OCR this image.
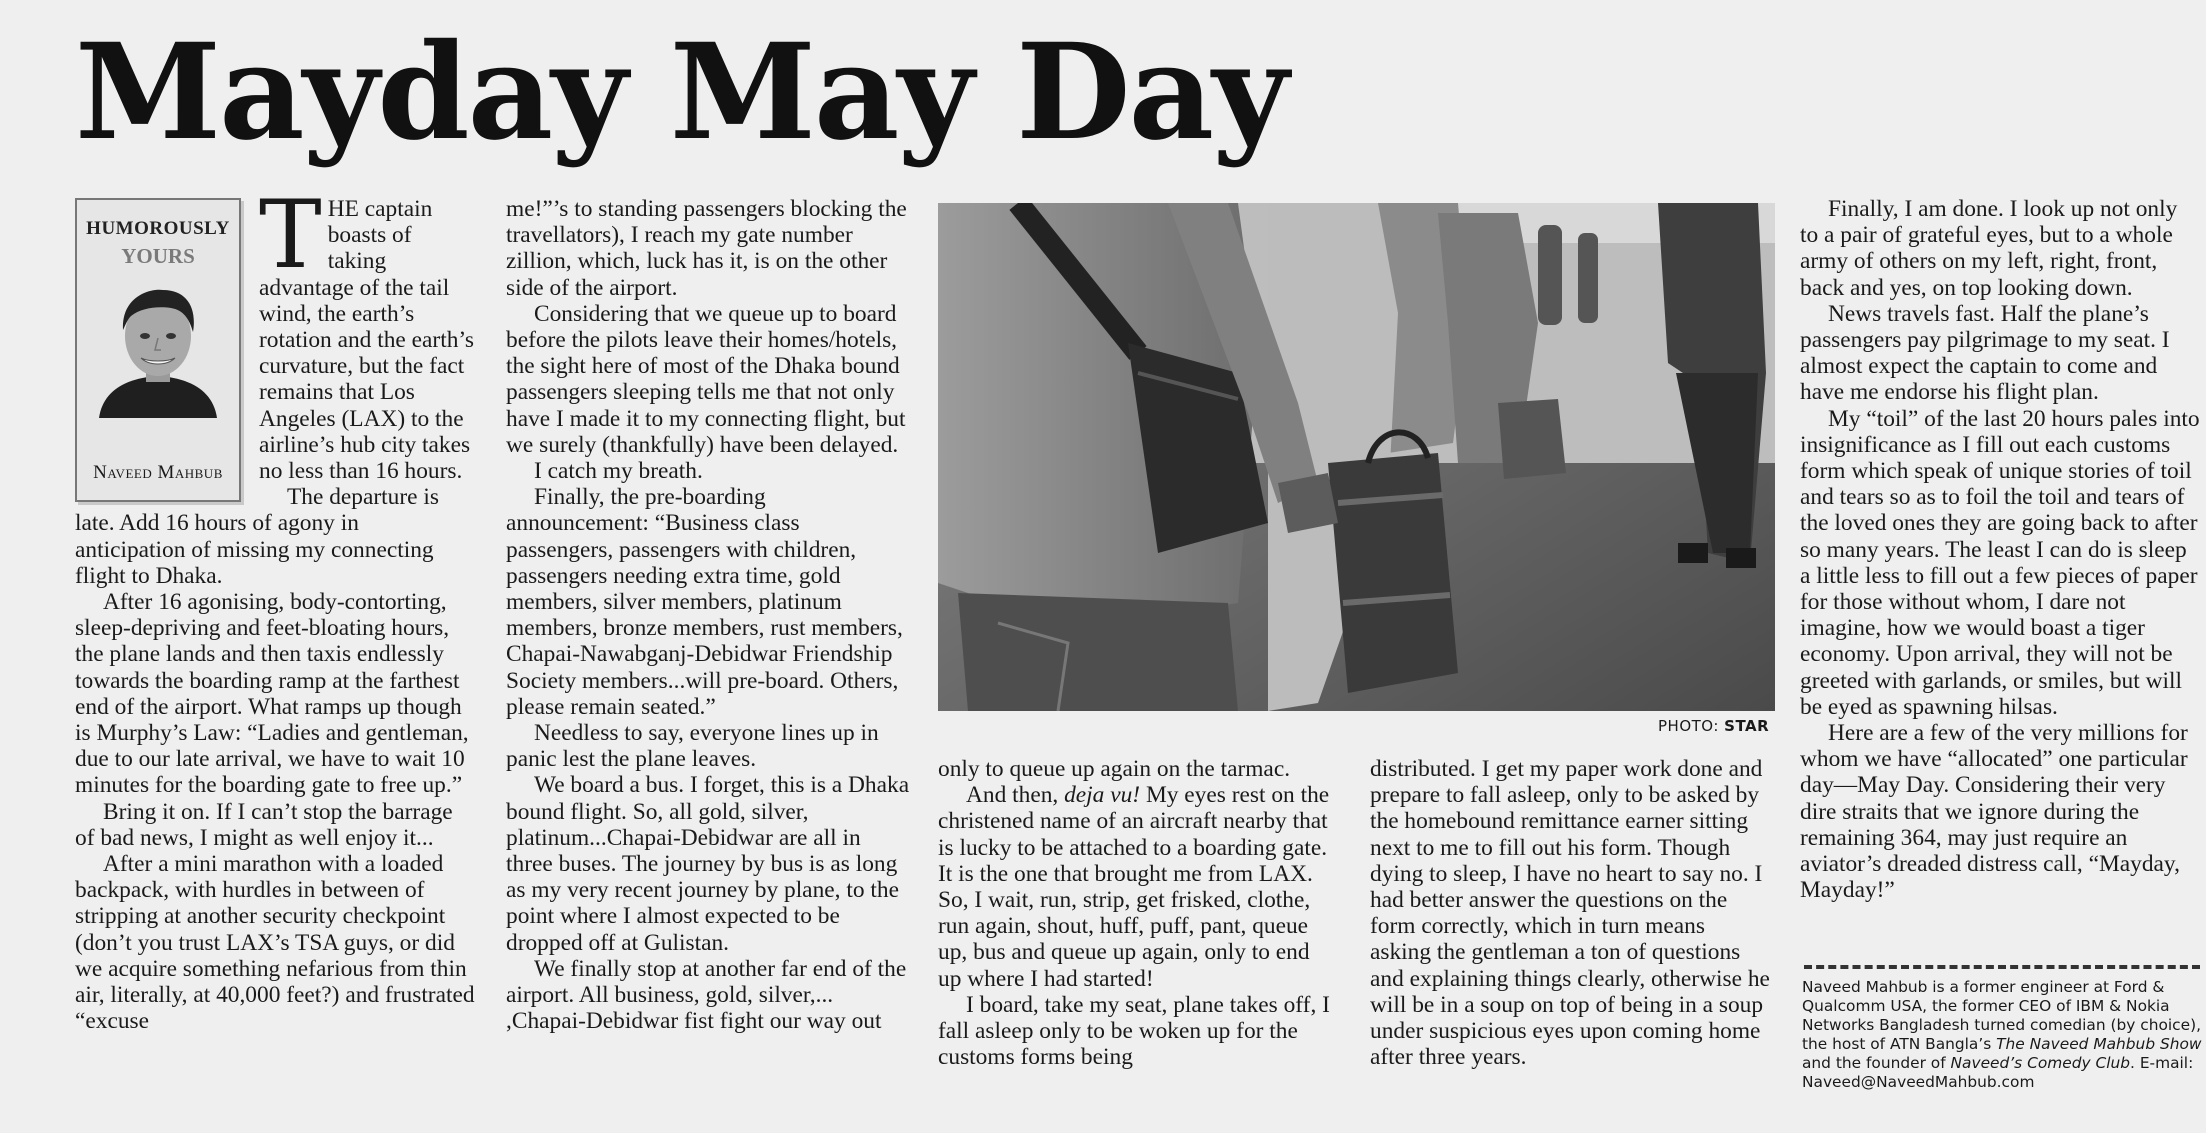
Mayday May Day
HUMOROUSLY
YOURS
Naveed Mahbub

THE captain boasts of taking advantage of the tail wind, the earth’s rotation and the earth’s curvature, but the fact remains that Los Angeles (LAX) to the airline’s hub city takes no less than 16 hours.

The departure is late. Add 16 hours of agony in anticipation of missing my connecting flight to Dhaka.

After 16 agonising, body-contorting, sleep-depriving and feet-bloating hours, the plane lands and then taxis endlessly towards the boarding ramp at the farthest end of the airport. What ramps up though is Murphy’s Law: “Ladies and gentleman, due to our late arrival, we have to wait 10 minutes for the boarding gate to free up.”

Bring it on. If I can’t stop the barrage of bad news, I might as well enjoy it...

After a mini marathon with a loaded backpack, with hurdles in between of stripping at another security checkpoint (don’t you trust LAX’s TSA guys, or did we acquire something nefarious from thin air, literally, at 40,000 feet?) and frustrated “excuse

me!”’s to standing passengers blocking the travellators), I reach my gate number zillion, which, luck has it, is on the other side of the airport.

Considering that we queue up to board before the pilots leave their homes/hotels, the sight here of most of the Dhaka bound passengers sleeping tells me that not only have I made it to my connecting flight, but we surely (thankfully) have been delayed.

I catch my breath.

Finally, the pre-boarding announcement: “Business class passengers, passengers with children, passengers needing extra time, gold members, silver members, platinum members, bronze members, rust members, Chapai-Nawabganj-Debidwar Friendship Society members...will pre-board. Others, please remain seated.”

Needless to say, everyone lines up in panic lest the plane leaves.

We board a bus. I forget, this is a Dhaka bound flight. So, all gold, silver, platinum...Chapai-Debidwar are all in three buses. The journey by bus is as long as my very recent journey by plane, to the point where I almost expected to be dropped off at Gulistan.

We finally stop at another far end of the airport. All business, gold, silver,... ,Chapai-Debidwar fist fight our way out

PHOTO: STAR

only to queue up again on the tarmac.

And then, deja vu! My eyes rest on the christened name of an aircraft nearby that is lucky to be attached to a boarding gate. It is the one that brought me from LAX. So, I wait, run, strip, get frisked, clothe, run again, shout, huff, puff, pant, queue up, bus and queue up again, only to end up where I had started!

I board, take my seat, plane takes off, I fall asleep only to be woken up for the customs forms being

distributed. I get my paper work done and prepare to fall asleep, only to be asked by the homebound remittance earner sitting next to me to fill out his form. Though dying to sleep, I have no heart to say no. I had better answer the questions on the form correctly, which in turn means asking the gentleman a ton of questions and explaining things clearly, otherwise he will be in a soup on top of being in a soup under suspicious eyes upon coming home after three years.

Finally, I am done. I look up not only to a pair of grateful eyes, but to a whole army of others on my left, right, front, back and yes, on top looking down.

News travels fast. Half the plane’s passengers pay pilgrimage to my seat. I almost expect the captain to come and have me endorse his flight plan.

My “toil” of the last 20 hours pales into insignificance as I fill out each customs form which speak of unique stories of toil and tears so as to foil the toil and tears of the loved ones they are going back to after so many years. The least I can do is sleep a little less to fill out a few pieces of paper for those without whom, I dare not imagine, how we would boast a tiger economy. Upon arrival, they will not be greeted with garlands, or smiles, but will be eyed as spawning hilsas.

Here are a few of the very millions for whom we have “allocated” one particular day—May Day. Considering their very dire straits that we ignore during the remaining 364, may just require an aviator’s dreaded distress call, “Mayday, Mayday!”

Naveed Mahbub is a former engineer at Ford & Qualcomm USA, the former CEO of IBM & Nokia Networks Bangladesh turned comedian (by choice), the host of ATN Bangla’s The Naveed Mahbub Show and the founder of Naveed’s Comedy Club. E-mail: Naveed@NaveedMahbub.com
